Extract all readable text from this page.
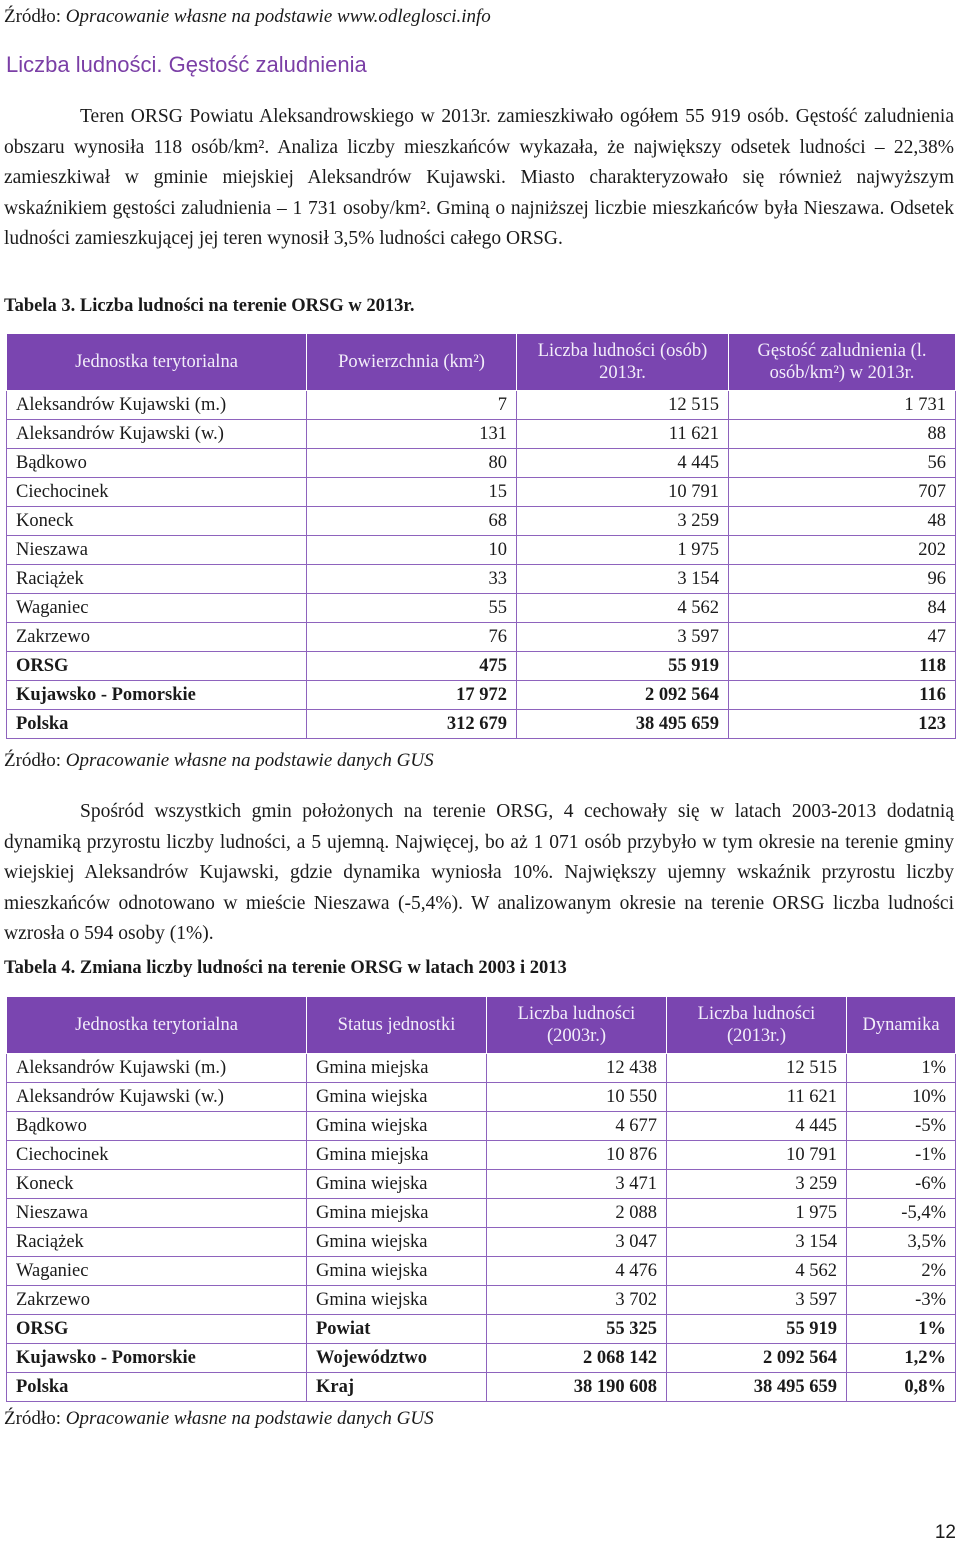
Źródło: Opracowanie własne na podstawie www.odleglosci.info
Liczba ludności. Gęstość zaludnienia

Teren ORSG Powiatu Aleksandrowskiego w 2013r. zamieszkiwało ogółem 55 919 osób. Gęstość zaludnienia obszaru wynosiła 118 osób/km². Analiza liczby mieszkańców wykazała, że największy odsetek ludności – 22,38% zamieszkiwał w gminie miejskiej Aleksandrów Kujawski. Miasto charakteryzowało się również najwyższym wskaźnikiem gęstości zaludnienia – 1 731 osoby/km². Gminą o najniższej liczbie mieszkańców była Nieszawa. Odsetek ludności zamieszkującej jej teren wynosił 3,5% ludności całego ORSG.

Tabela 3. Liczba ludności na terenie ORSG w 2013r.

Jednostka terytorialna	Powierzchnia (km²)	Liczba ludności (osób) 2013r.	Gęstość zaludnienia (l. osób/km²) w 2013r.
Aleksandrów Kujawski (m.)	7	12 515	1 731
Aleksandrów Kujawski (w.)	131	11 621	88
Bądkowo	80	4 445	56
Ciechocinek	15	10 791	707
Koneck	68	3 259	48
Nieszawa	10	1 975	202
Raciążek	33	3 154	96
Waganiec	55	4 562	84
Zakrzewo	76	3 597	47
ORSG	475	55 919	118
Kujawsko - Pomorskie	17 972	2 092 564	116
Polska	312 679	38 495 659	123
Źródło: Opracowanie własne na podstawie danych GUS

Spośród wszystkich gmin położonych na terenie ORSG, 4 cechowały się w latach 2003-2013 dodatnią dynamiką przyrostu liczby ludności, a 5 ujemną. Najwięcej, bo aż 1 071 osób przybyło w tym okresie na terenie gminy wiejskiej Aleksandrów Kujawski, gdzie dynamika wyniosła 10%. Największy ujemny wskaźnik przyrostu liczby mieszkańców odnotowano w mieście Nieszawa (-5,4%). W analizowanym okresie na terenie ORSG liczba ludności wzrosła o 594 osoby (1%).

Tabela 4. Zmiana liczby ludności na terenie ORSG w latach 2003 i 2013

Jednostka terytorialna	Status jednostki	Liczba ludności (2003r.)	Liczba ludności (2013r.)	Dynamika
Aleksandrów Kujawski (m.)	Gmina miejska	12 438	12 515	1%
Aleksandrów Kujawski (w.)	Gmina wiejska	10 550	11 621	10%
Bądkowo	Gmina wiejska	4 677	4 445	-5%
Ciechocinek	Gmina miejska	10 876	10 791	-1%
Koneck	Gmina wiejska	3 471	3 259	-6%
Nieszawa	Gmina miejska	2 088	1 975	-5,4%
Raciążek	Gmina wiejska	3 047	3 154	3,5%
Waganiec	Gmina wiejska	4 476	4 562	2%
Zakrzewo	Gmina wiejska	3 702	3 597	-3%
ORSG	Powiat	55 325	55 919	1%
Kujawsko - Pomorskie	Województwo	2 068 142	2 092 564	1,2%
Polska	Kraj	38 190 608	38 495 659	0,8%
Źródło: Opracowanie własne na podstawie danych GUS
12
